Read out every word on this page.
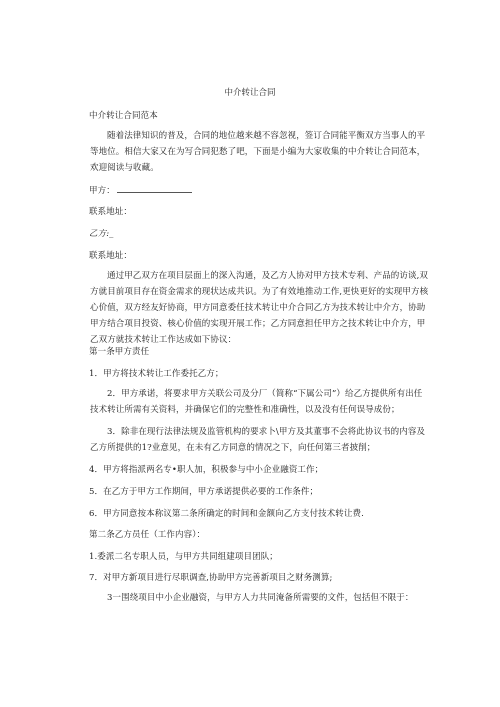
中介转让合同
中介转让合同范本
随着法律知识的普及，合同的地位越来越不容忽视，签订合同能平衡双方当事人的平等地位。相信大家又在为写合同犯愁了吧，下面是小编为大家收集的中介转让合同范本，欢迎阅读与收藏。
甲方：
联系地址：
乙方:_
联系地址：
通过甲乙双方在项目层面上的深入沟通，及乙方人协对甲方技术专利、产品的访谈,双方就目前项目存在资金需求的现状达成共识。为了有效地推动工作,更快更好的实现甲方核心价值，双方经友好协商，甲方同意委任技术转让中介合同乙方为技术转让中介方，协助甲方结合项目投资、核心价值的实现开展工作；乙方同意担任甲方之技术转让中介方，甲乙双方就技术转让工作达成如下协议：
第一条甲方责任
1．甲方将技术转让工作委托乙方；
2．甲方承诺，将要求甲方关联公司及分厂（简称“下属公司”）给乙方提供所有出任技术转让所需有关资料，并确保它们的完整性和准确性，以及没有任何误导成份；
3．除非在现行法律法规及监管机构的要求卜\甲方及其董事不会将此协议书的内容及乙方所提供的1?业意见，在未有乙方同意的情况之下，向任何第三者披削；
4．甲方将指派两名专•职人加，积极参与中小企业融资工作；
5．在乙方于甲方工作期间，甲方承诺提供必要的工作条件；
6．甲方同意按本称议第二条所确定的时间和金额向乙方支付技术转让费.
第二条乙方员任（工作内容）：
1.委派二名专职人员，与甲方共同组建项目团队；
7．对甲方新项目进行尽职调查,协助甲方完善新项目之财务测算;
3一围绕项目中小企业融资，与甲方人力共同淹备所需要的文件，包括但不限于：
